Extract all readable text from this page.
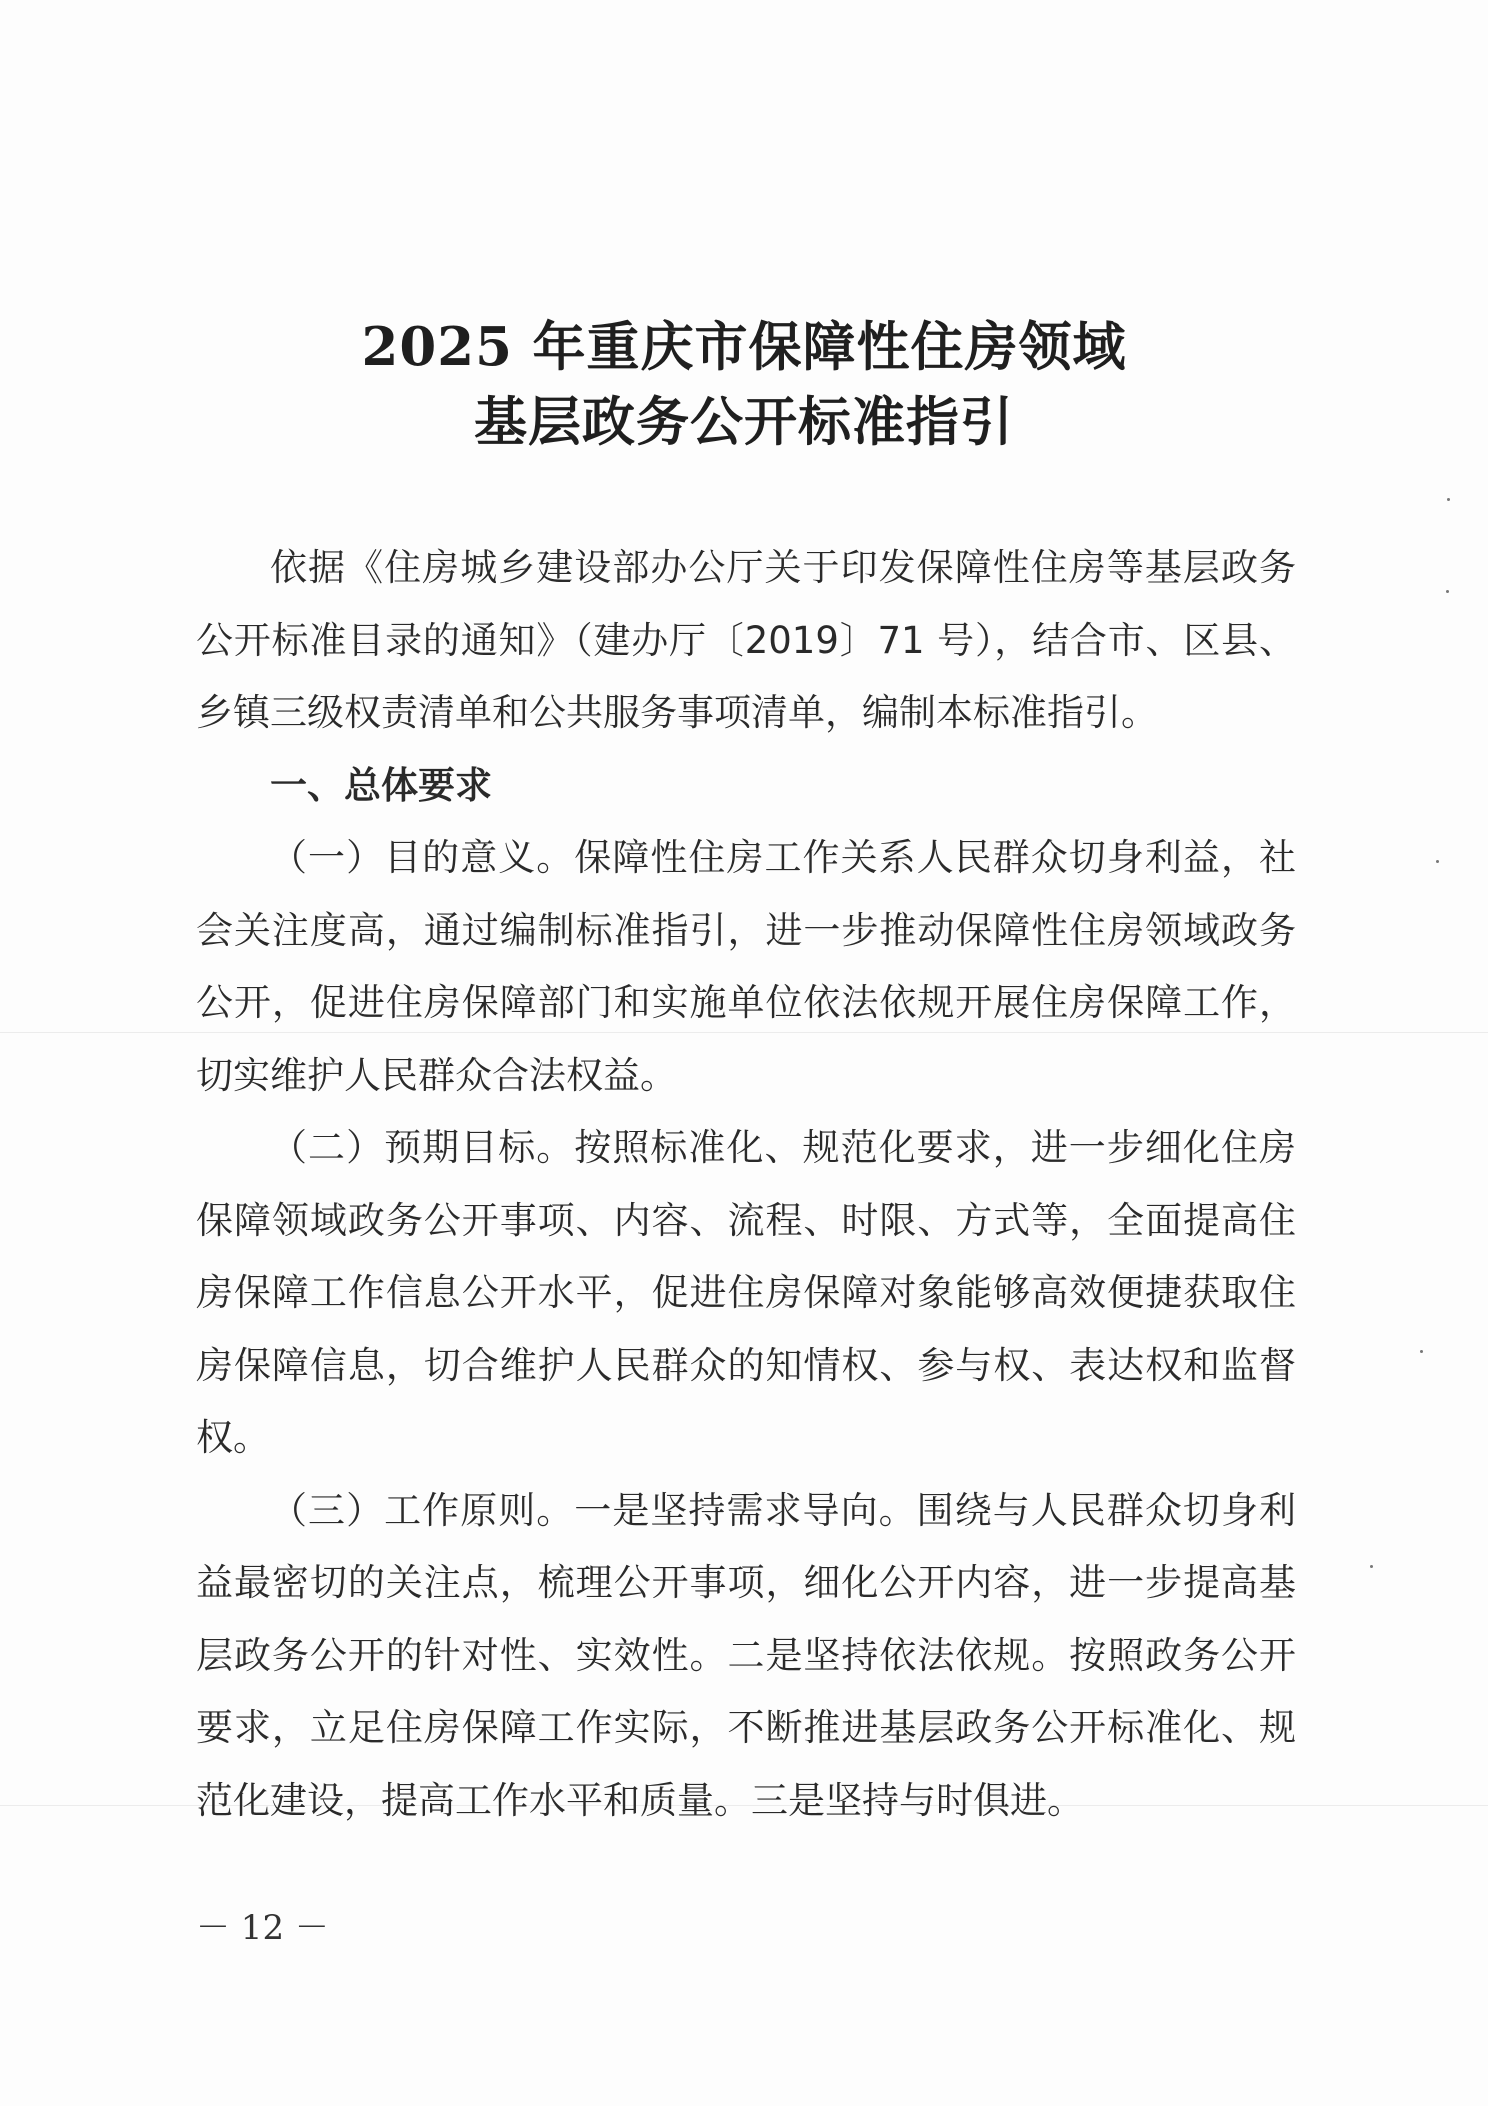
2025 年重庆市保障性住房领域
基层政务公开标准指引

依据《住房城乡建设部办公厅关于印发保障性住房等基层政务公开标准目录的通知》（建办厅〔2019〕71 号），结合市、区县、乡镇三级权责清单和公共服务事项清单，编制本标准指引。

一、总体要求

（一）目的意义。保障性住房工作关系人民群众切身利益，社会关注度高，通过编制标准指引，进一步推动保障性住房领域政务公开，促进住房保障部门和实施单位依法依规开展住房保障工作，切实维护人民群众合法权益。

（二）预期目标。按照标准化、规范化要求，进一步细化住房保障领域政务公开事项、内容、流程、时限、方式等，全面提高住房保障工作信息公开水平，促进住房保障对象能够高效便捷获取住房保障信息，切合维护人民群众的知情权、参与权、表达权和监督权。

（三）工作原则。一是坚持需求导向。围绕与人民群众切身利益最密切的关注点，梳理公开事项，细化公开内容，进一步提高基层政务公开的针对性、实效性。二是坚持依法依规。按照政务公开要求，立足住房保障工作实际，不断推进基层政务公开标准化、规范化建设，提高工作水平和质量。三是坚持与时俱进。

－ 12 －
